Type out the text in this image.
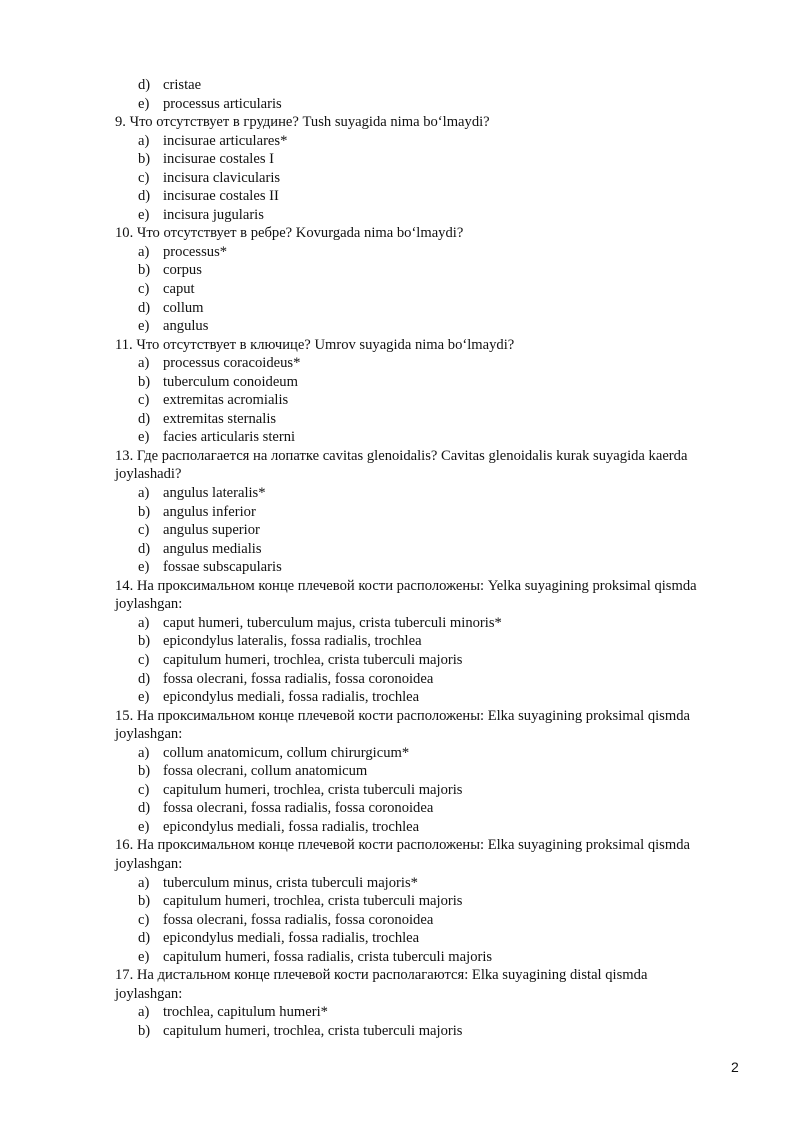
d) cristae
e) processus articularis
9. Что отсутствует в грудине? Tush suyagida nima bo‘lmaydi?
a) incisurae articulares*
b) incisurae costales I
c) incisura clavicularis
d) incisurae costales II
e) incisura jugularis
10. Что отсутствует в ребре? Kovurgada nima bo‘lmaydi?
a) processus*
b) corpus
c) caput
d) collum
e) angulus
11. Что отсутствует в ключице? Umrov suyagida nima bo‘lmaydi?
a) processus coracoideus*
b) tuberculum conoideum
c) extremitas acromialis
d) extremitas sternalis
e) facies articularis sterni
13. Где располагается на лопатке cavitas glenoidalis? Cavitas glenoidalis kurak suyagida kaerda joylashadi?
a) angulus lateralis*
b) angulus inferior
c) angulus superior
d) angulus medialis
e) fossae subscapularis
14. На проксимальном конце плечевой кости расположены: Yelka suyagining proksimal qismda joylashgan:
a) caput humeri, tuberculum majus, crista tuberculi minoris*
b) epicondylus lateralis, fossa radialis, trochlea
c) capitulum humeri, trochlea, crista tuberculi majoris
d) fossa olecrani, fossa radialis, fossa coronoidea
e) epicondylus mediali, fossa radialis, trochlea
15. На проксимальном конце плечевой кости расположены: Elka suyagining proksimal qismda joylashgan:
a) collum anatomicum, collum chirurgicum*
b) fossa olecrani, collum anatomicum
c) capitulum humeri, trochlea, crista tuberculi majoris
d) fossa olecrani, fossa radialis, fossa coronoidea
e) epicondylus mediali, fossa radialis, trochlea
16. На проксимальном конце плечевой кости расположены: Elka suyagining proksimal qismda joylashgan:
a) tuberculum minus, crista tuberculi majoris*
b) capitulum humeri, trochlea, crista tuberculi majoris
c) fossa olecrani, fossa radialis, fossa coronoidea
d) epicondylus mediali, fossa radialis, trochlea
e) capitulum humeri, fossa radialis, crista tuberculi majoris
17. На дистальном конце плечевой кости располагаются: Elka suyagining distal qismda joylashgan:
a) trochlea, capitulum humeri*
b) capitulum humeri, trochlea, crista tuberculi majoris
2
